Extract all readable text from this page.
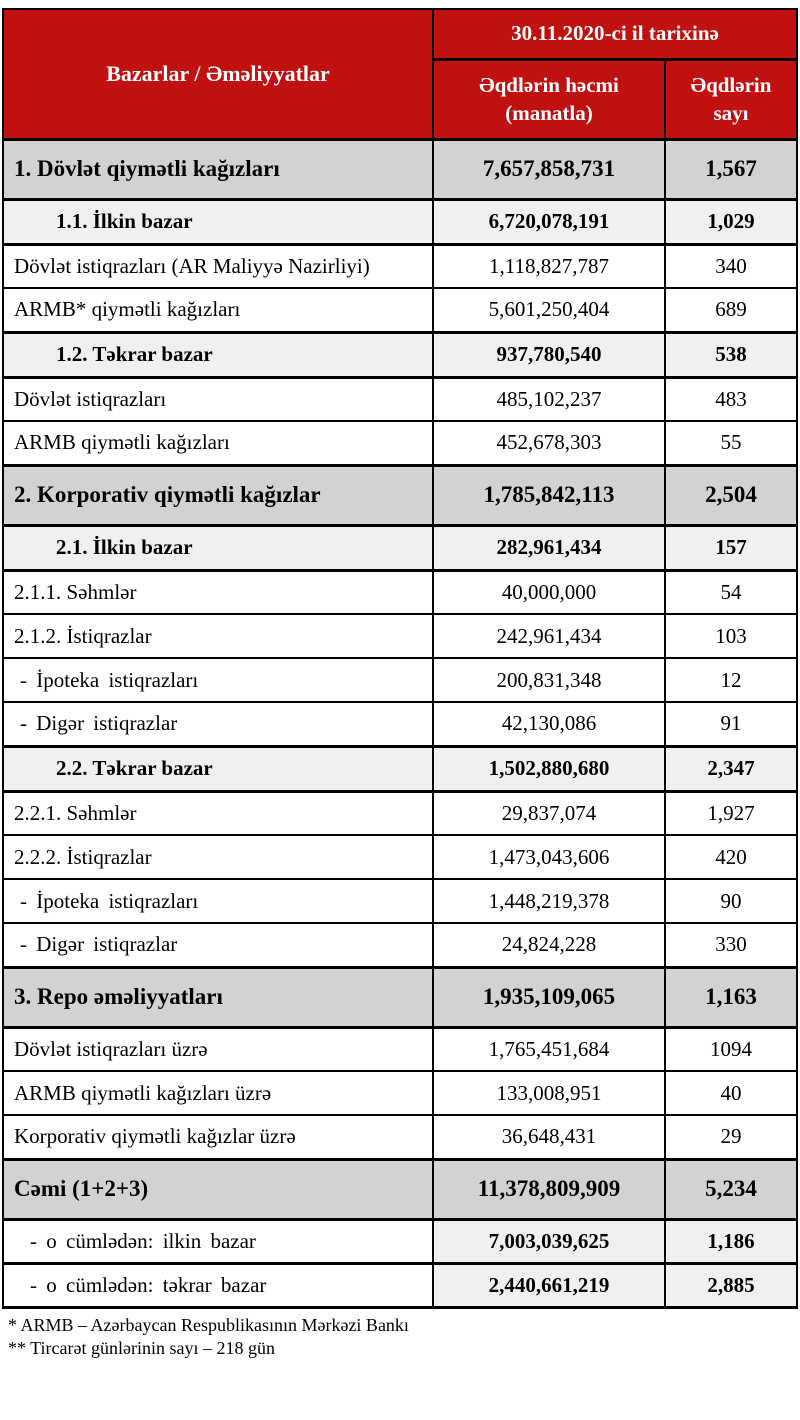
Bazarlar / Əməliyyatlar	30.11.2020-ci il tarixinə	
	Əqdlərin həcmi (manatla)	Əqdlərin sayı
1. Dövlət qiymətli kağızları	7,657,858,731	1,567
1.1. İlkin bazar	6,720,078,191	1,029
Dövlət istiqrazları (AR Maliyyə Nazirliyi)	1,118,827,787	340
ARMB* qiymətli kağızları	5,601,250,404	689
1.2. Təkrar bazar	937,780,540	538
Dövlət istiqrazları	485,102,237	483
ARMB qiymətli kağızları	452,678,303	55
2. Korporativ qiymətli kağızlar	1,785,842,113	2,504
2.1. İlkin bazar	282,961,434	157
2.1.1. Səhmlər	40,000,000	54
2.1.2. İstiqrazlar	242,961,434	103
- İpoteka istiqrazları	200,831,348	12
- Digər istiqrazlar	42,130,086	91
2.2. Təkrar bazar	1,502,880,680	2,347
2.2.1. Səhmlər	29,837,074	1,927
2.2.2. İstiqrazlar	1,473,043,606	420
- İpoteka istiqrazları	1,448,219,378	90
- Digər istiqrazlar	24,824,228	330
3. Repo əməliyyatları	1,935,109,065	1,163
Dövlət istiqrazları üzrə	1,765,451,684	1094
ARMB qiymətli kağızları üzrə	133,008,951	40
Korporativ qiymətli kağızlar üzrə	36,648,431	29
Cəmi (1+2+3)	11,378,809,909	5,234
- o cümlədən: ilkin bazar	7,003,039,625	1,186
- o cümlədən: təkrar bazar	2,440,661,219	2,885
* ARMB – Azərbaycan Respublikasının Mərkəzi Bankı
** Tircarət günlərinin sayı – 218 gün
